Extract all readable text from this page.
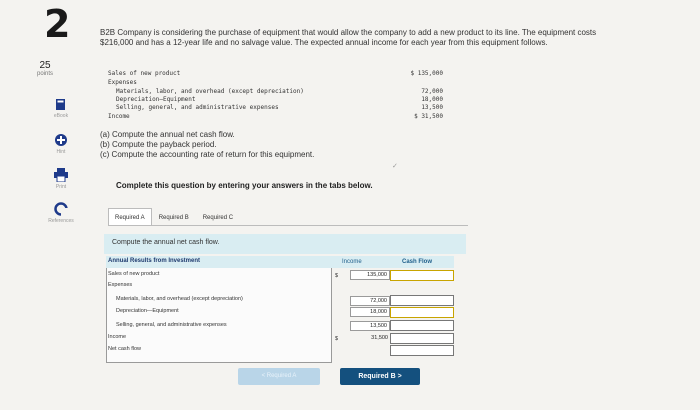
2
25
points
eBook
Hint
Print
References
B2B Company is considering the purchase of equipment that would allow the company to add a new product to its line. The equipment costs $216,000 and has a 12-year life and no salvage value. The expected annual income for each year from this equipment follows.
Sales of new product	$ 135,000
Expenses
Materials, labor, and overhead (except depreciation)	72,000
Depreciation—Equipment	18,000
Selling, general, and administrative expenses	13,500
Income	$ 31,500
(a) Compute the annual net cash flow.
(b) Compute the payback period.
(c) Compute the accounting rate of return for this equipment.
✓
Complete this question by entering your answers in the tabs below.
Required A	Required B	Required C
Compute the annual net cash flow.
Annual Results from Investment	Income	Cash Flow
Sales of new product	$	135,000
Expenses
Materials, labor, and overhead (except depreciation)	72,000
Depreciation—Equipment	18,000
Selling, general, and administrative expenses	13,500
Income	$	31,500
Net cash flow
< Required A	Required B >
